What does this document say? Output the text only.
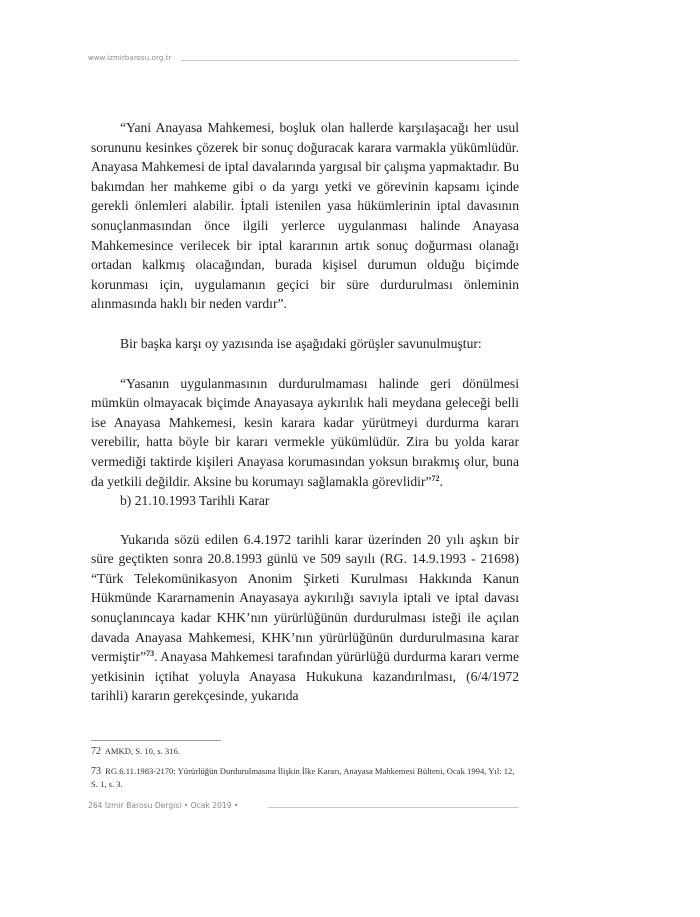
www.izmirbarosu.org.tr

“Yani Anayasa Mahkemesi, boşluk olan hallerde karşılaşacağı her usul sorununu kesinkes çözerek bir sonuç doğuracak karara varmakla yükümlüdür. Anayasa Mahkemesi de iptal davalarında yargısal bir çalışma yapmaktadır. Bu bakımdan her mahkeme gibi o da yargı yetki ve görevinin kapsamı içinde gerekli önlemleri alabilir. İptali istenilen yasa hükümlerinin iptal davasının sonuçlanmasından önce ilgili yerlerce uygulanması halinde Anayasa Mahkemesince verilecek bir iptal kararının artık sonuç doğurması olanağı ortadan kalkmış olacağından, burada kişisel durumun olduğu biçimde korunması için, uygulamanın geçici bir süre durdurulması önleminin alınmasında haklı bir neden vardır”.

Bir başka karşı oy yazısında ise aşağıdaki görüşler savunulmuştur:

“Yasanın uygulanmasının durdurulmaması halinde geri dönülmesi mümkün olmayacak biçimde Anayasaya aykırılık hali meydana geleceği belli ise Anayasa Mahkemesi, kesin karara kadar yürütmeyi durdurma kararı verebilir, hatta böyle bir kararı vermekle yükümlüdür. Zira bu yolda karar vermediği taktirde kişileri Anayasa korumasından yoksun bırakmış olur, buna da yetkili değildir. Aksine bu korumayı sağlamakla görevlidir”$^{72}$.

b) 21.10.1993 Tarihli Karar

Yukarıda sözü edilen 6.4.1972 tarihli karar üzerinden 20 yılı aşkın bir süre geçtikten sonra 20.8.1993 günlü ve 509 sayılı (RG. 14.9.1993 - 21698) “Türk Telekomünikasyon Anonim Şirketi Kurulması Hakkında Kanun Hükmünde Kararnamenin Anayasaya aykırılığı savıyla iptali ve iptal davası sonuçlanıncaya kadar KHK’nın yürürlüğünün durdurulması isteği ile açılan davada Anayasa Mahkemesi, KHK’nın yürürlüğünün durdurulmasına karar vermiştir”$^{73}$. Anayasa Mahkemesi tarafından yürürlüğü durdurma kararı verme yetkisinin içtihat yoluyla Anayasa Hukukuna kazandırılması, (6/4/1972 tarihli) kararın gerekçesinde, yukarıda

72 AMKD, S. 10, s. 316.

73 RG.6.11.1983-2170: Yürürlüğün Durdurulmasına İlişkin İlke Kararı, Anayasa Mahkemesi Bülteni, Ocak 1994, Yıl: 12, S. 1, s. 3.

264 İzmir Barosu Dergisi • Ocak 2019 •
